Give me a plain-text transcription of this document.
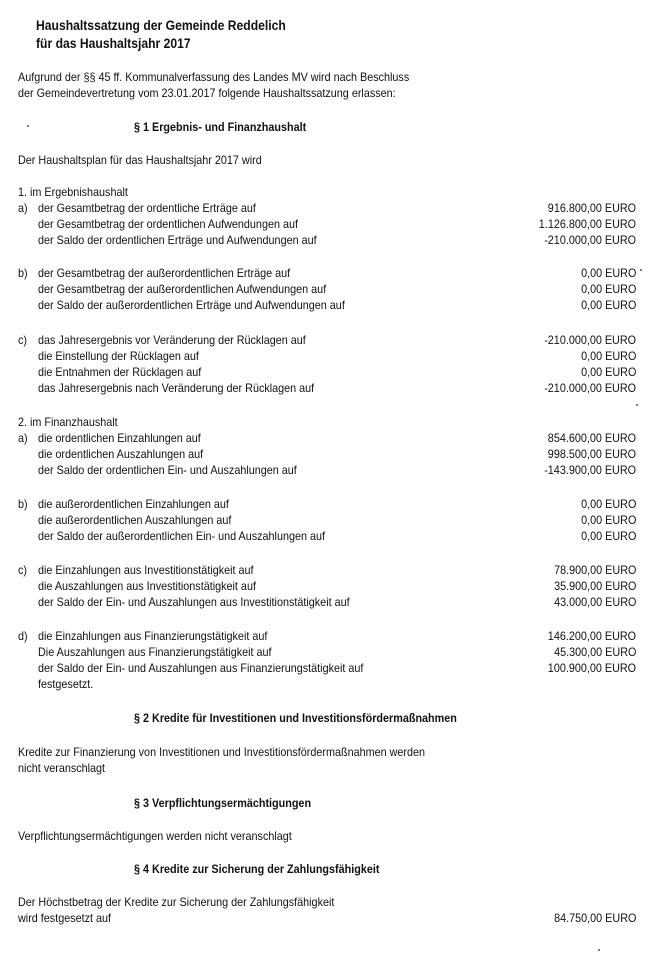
Haushaltssatzung der Gemeinde Reddelich
für das Haushaltsjahr 2017
Aufgrund der §§ 45 ff. Kommunalverfassung des Landes MV wird nach Beschluss
der Gemeindevertretung vom 23.01.2017 folgende Haushaltssatzung erlassen:
§ 1 Ergebnis- und Finanzhaushalt
Der Haushaltsplan für das Haushaltsjahr 2017 wird
1. im Ergebnishaushalt
a) der Gesamtbetrag der ordentliche Erträge auf	916.800,00 EURO
der Gesamtbetrag der ordentlichen Aufwendungen auf	1.126.800,00 EURO
der Saldo der ordentlichen Erträge und Aufwendungen auf	-210.000,00 EURO
b) der Gesamtbetrag der außerordentlichen Erträge auf	0,00 EURO
der Gesamtbetrag der außerordentlichen Aufwendungen auf	0,00 EURO
der Saldo der außerordentlichen Erträge und Aufwendungen auf	0,00 EURO
c) das Jahresergebnis vor Veränderung der Rücklagen auf	-210.000,00 EURO
die Einstellung der Rücklagen auf	0,00 EURO
die Entnahmen der Rücklagen auf	0,00 EURO
das Jahresergebnis nach Veränderung der Rücklagen auf	-210.000,00 EURO
2. im Finanzhaushalt
a) die ordentlichen Einzahlungen auf	854.600,00 EURO
die ordentlichen Auszahlungen auf	998.500,00 EURO
der Saldo der ordentlichen Ein- und Auszahlungen auf	-143.900,00 EURO
b) die außerordentlichen Einzahlungen auf	0,00 EURO
die außerordentlichen Auszahlungen auf	0,00 EURO
der Saldo der außerordentlichen Ein- und Auszahlungen auf	0,00 EURO
c) die Einzahlungen aus Investitionstätigkeit auf	78.900,00 EURO
die Auszahlungen aus Investitionstätigkeit auf	35.900,00 EURO
der Saldo der Ein- und Auszahlungen aus Investitionstätigkeit auf	43.000,00 EURO
d) die Einzahlungen aus Finanzierungstätigkeit auf	146.200,00 EURO
Die Auszahlungen aus Finanzierungstätigkeit auf	45.300,00 EURO
der Saldo der Ein- und Auszahlungen aus Finanzierungstätigkeit auf	100.900,00 EURO
festgesetzt.
§ 2 Kredite für Investitionen und Investitionsfördermaßnahmen
Kredite zur Finanzierung von Investitionen und Investitionsfördermaßnahmen werden
nicht veranschlagt
§ 3 Verpflichtungsermächtigungen
Verpflichtungsermächtigungen werden nicht veranschlagt
§ 4 Kredite zur Sicherung der Zahlungsfähigkeit
Der Höchstbetrag der Kredite zur Sicherung der Zahlungsfähigkeit
wird festgesetzt auf	84.750,00 EURO
